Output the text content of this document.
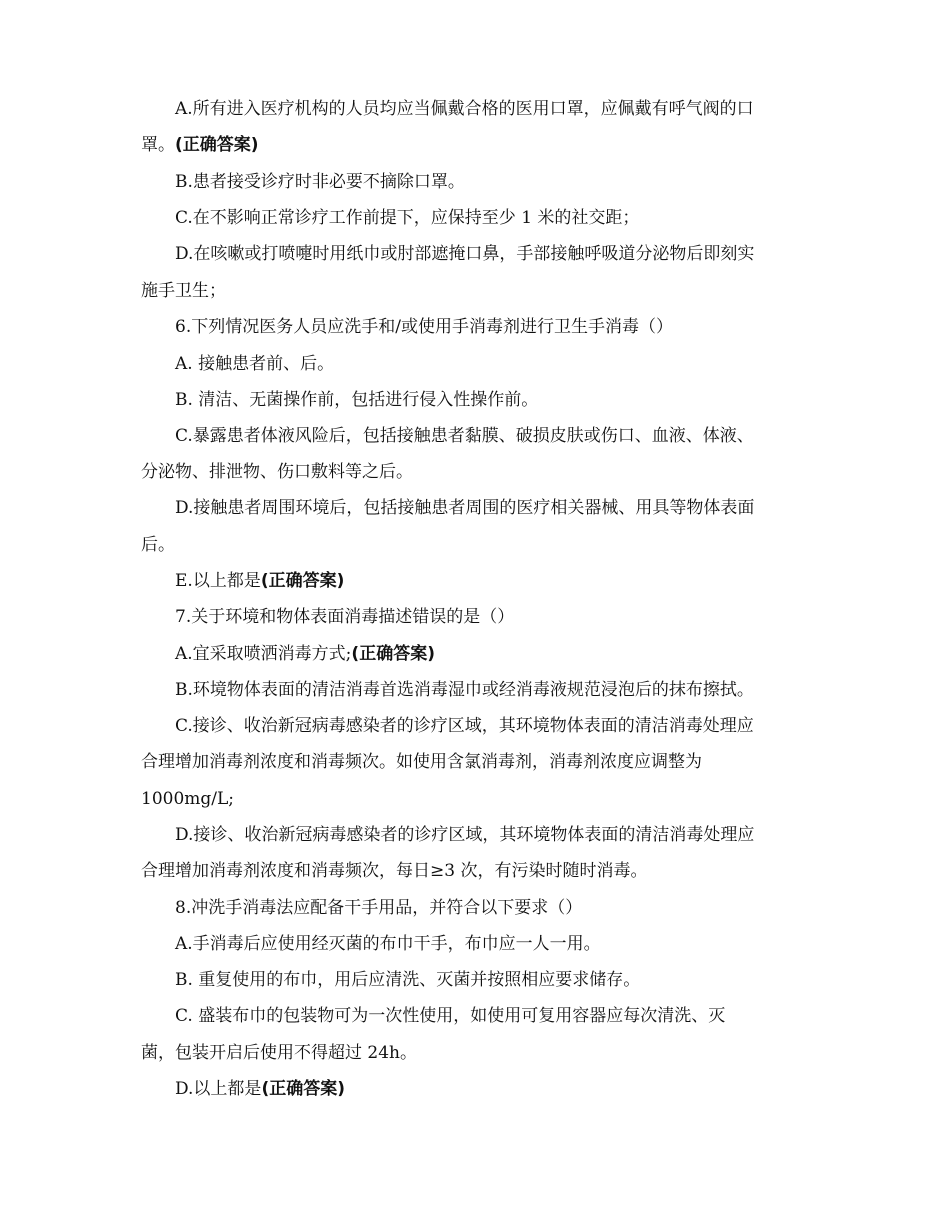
A.所有进入医疗机构的人员均应当佩戴合格的医用口罩，应佩戴有呼气阀的口
罩。(正确答案)
B.患者接受诊疗时非必要不摘除口罩。
C.在不影响正常诊疗工作前提下，应保持至少 1 米的社交距；
D.在咳嗽或打喷嚏时用纸巾或肘部遮掩口鼻，手部接触呼吸道分泌物后即刻实
施手卫生；
6.下列情况医务人员应洗手和/或使用手消毒剂进行卫生手消毒（）
A. 接触患者前、后。
B. 清洁、无菌操作前，包括进行侵入性操作前。
C.暴露患者体液风险后，包括接触患者黏膜、破损皮肤或伤口、血液、体液、
分泌物、排泄物、伤口敷料等之后。
D.接触患者周围环境后，包括接触患者周围的医疗相关器械、用具等物体表面
后。
E.以上都是(正确答案)
7.关于环境和物体表面消毒描述错误的是（）
A.宜采取喷洒消毒方式;(正确答案)
B.环境物体表面的清洁消毒首选消毒湿巾或经消毒液规范浸泡后的抹布擦拭。
C.接诊、收治新冠病毒感染者的诊疗区域，其环境物体表面的清洁消毒处理应
合理增加消毒剂浓度和消毒频次。如使用含氯消毒剂，消毒剂浓度应调整为
1000mg/L;
D.接诊、收治新冠病毒感染者的诊疗区域，其环境物体表面的清洁消毒处理应
合理增加消毒剂浓度和消毒频次，每日≥3 次，有污染时随时消毒。
8.冲洗手消毒法应配备干手用品，并符合以下要求（）
A.手消毒后应使用经灭菌的布巾干手，布巾应一人一用。
B. 重复使用的布巾，用后应清洗、灭菌并按照相应要求储存。
C. 盛装布巾的包装物可为一次性使用，如使用可复用容器应每次清洗、灭
菌，包装开启后使用不得超过 24h。
D.以上都是(正确答案)
